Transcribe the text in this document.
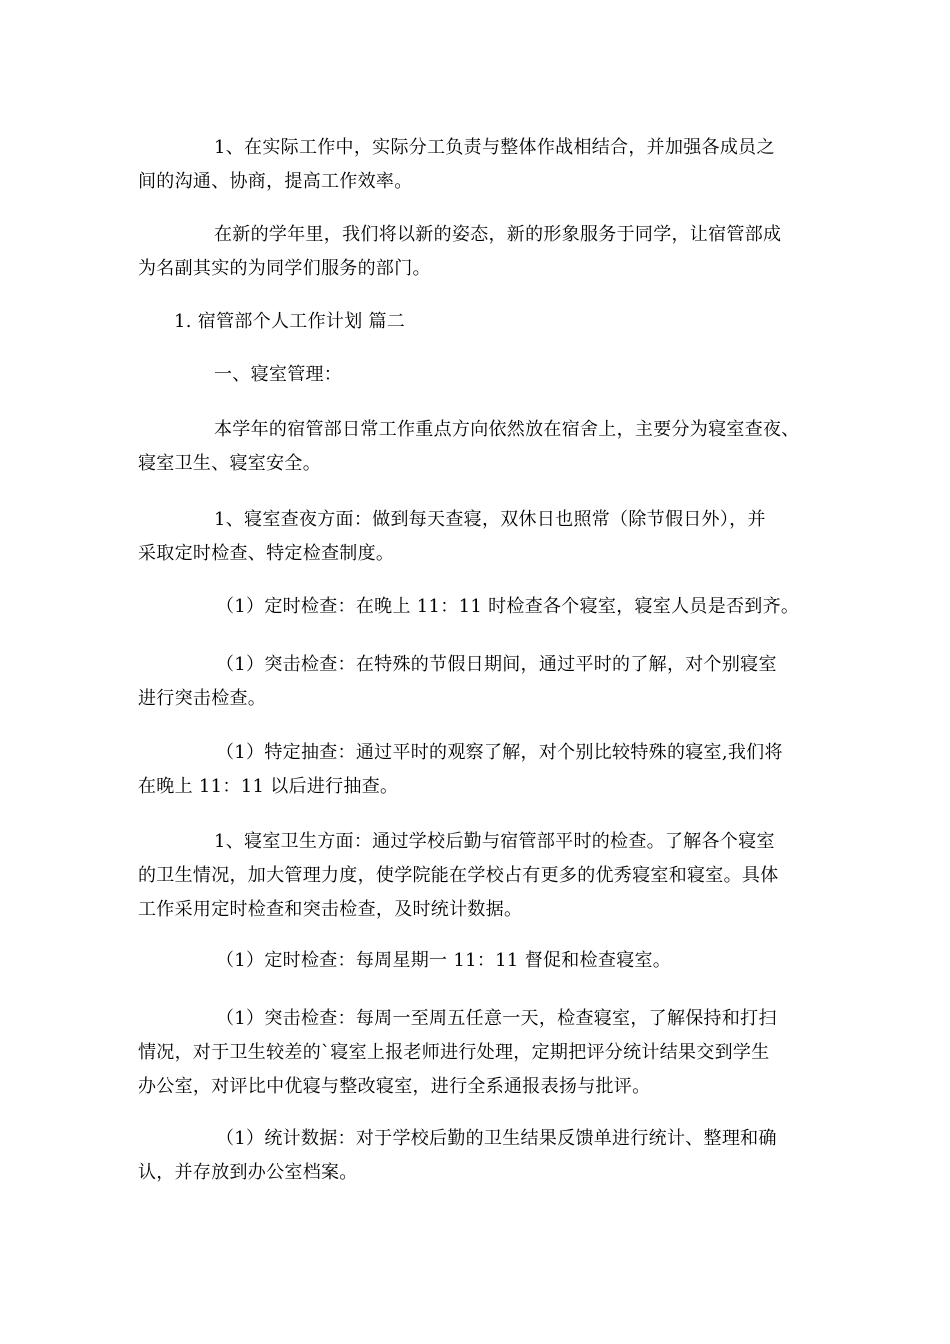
1、在实际工作中，实际分工负责与整体作战相结合，并加强各成员之
间的沟通、协商，提高工作效率。

在新的学年里，我们将以新的姿态，新的形象服务于同学，让宿管部成
为名副其实的为同学们服务的部门。

1. 宿管部个人工作计划 篇二

一、寝室管理：

本学年的宿管部日常工作重点方向依然放在宿舍上，主要分为寝室查夜、
寝室卫生、寝室安全。

1、寝室查夜方面：做到每天查寝，双休日也照常（除节假日外），并
采取定时检查、特定检查制度。

（1）定时检查：在晚上 11：11 时检查各个寝室，寝室人员是否到齐。

（1）突击检查：在特殊的节假日期间，通过平时的了解，对个别寝室
进行突击检查。

（1）特定抽查：通过平时的观察了解，对个别比较特殊的寝室,我们将
在晚上 11：11 以后进行抽查。

1、寝室卫生方面：通过学校后勤与宿管部平时的检查。了解各个寝室
的卫生情况，加大管理力度，使学院能在学校占有更多的优秀寝室和寝室。具体
工作采用定时检查和突击检查，及时统计数据。

（1）定时检查：每周星期一 11：11 督促和检查寝室。

（1）突击检查：每周一至周五任意一天，检查寝室，了解保持和打扫
情况，对于卫生较差的`寝室上报老师进行处理，定期把评分统计结果交到学生
办公室，对评比中优寝与整改寝室，进行全系通报表扬与批评。

（1）统计数据：对于学校后勤的卫生结果反馈单进行统计、整理和确
认，并存放到办公室档案。
